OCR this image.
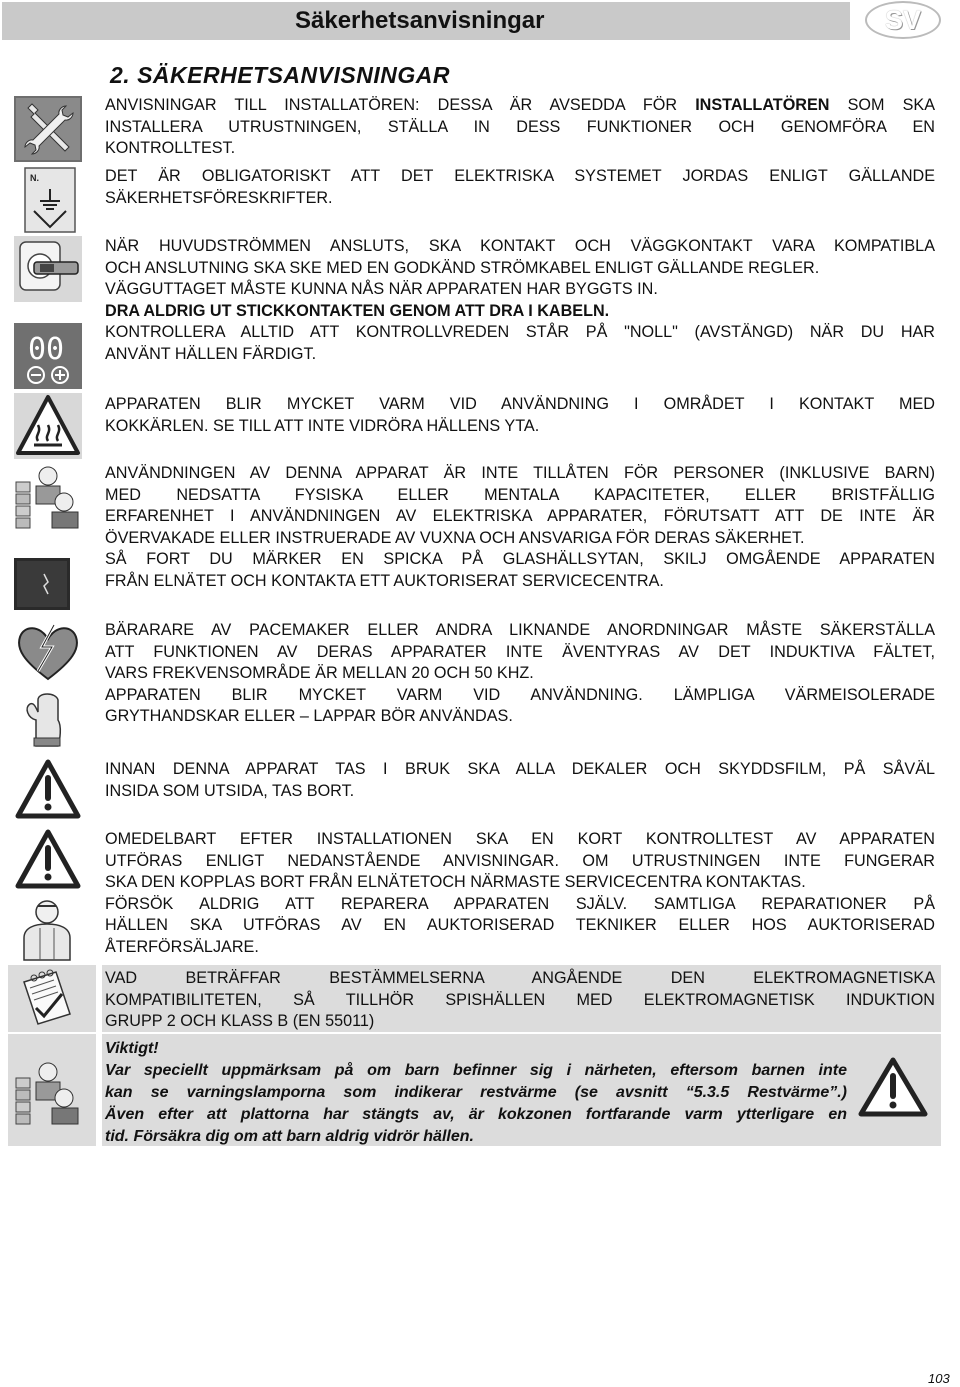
Säkerhetsanvisningar	SV
2. SÄKERHETSANVISNINGAR
N.
00
ANVISNINGAR TILL INSTALLATÖREN: DESSA ÄR AVSEDDA FÖR INSTALLATÖREN SOM SKA
INSTALLERA UTRUSTNINGEN, STÄLLA IN DESS FUNKTIONER OCH GENOMFÖRA EN
KONTROLLTEST.
DET ÄR OBLIGATORISKT ATT DET ELEKTRISKA SYSTEMET JORDAS ENLIGT GÄLLANDE
SÄKERHETSFÖRESKRIFTER.
NÄR HUVUDSTRÖMMEN ANSLUTS, SKA KONTAKT OCH VÄGGKONTAKT VARA KOMPATIBLA
OCH ANSLUTNING SKA SKE MED EN GODKÄND STRÖMKABEL ENLIGT GÄLLANDE REGLER.
VÄGGUTTAGET MÅSTE KUNNA NÅS NÄR APPARATEN HAR BYGGTS IN.
DRA ALDRIG UT STICKKONTAKTEN GENOM ATT DRA I KABELN.
KONTROLLERA ALLTID ATT KONTROLLVREDEN STÅR PÅ "NOLL" (AVSTÄNGD) NÄR DU HAR
ANVÄNT HÄLLEN FÄRDIGT.
APPARATEN BLIR MYCKET VARM VID ANVÄNDNING I OMRÅDET I KONTAKT MED
KOKKÄRLEN. SE TILL ATT INTE VIDRÖRA HÄLLENS YTA.
ANVÄNDNINGEN AV DENNA APPARAT ÄR INTE TILLÅTEN FÖR PERSONER (INKLUSIVE BARN)
MED NEDSATTA FYSISKA ELLER MENTALA KAPACITETER, ELLER BRISTFÄLLIG
ERFARENHET I ANVÄNDNINGEN AV ELEKTRISKA APPARATER, FÖRUTSATT ATT DE INTE ÄR
ÖVERVAKADE ELLER INSTRUERADE AV VUXNA OCH ANSVARIGA FÖR DERAS SÄKERHET.
SÅ FORT DU MÄRKER EN SPICKA PÅ GLASHÄLLSYTAN, SKILJ OMGÅENDE APPARATEN
FRÅN ELNÄTET OCH KONTAKTA ETT AUKTORISERAT SERVICECENTRA.
BÄRARARE AV PACEMAKER ELLER ANDRA LIKNANDE ANORDNINGAR MÅSTE SÄKERSTÄLLA
ATT FUNKTIONEN AV DERAS APPARATER INTE ÄVENTYRAS AV DET INDUKTIVA FÄLTET,
VARS FREKVENSOMRÅDE ÄR MELLAN 20 OCH 50 KHZ.
APPARATEN BLIR MYCKET VARM VID ANVÄNDNING. LÄMPLIGA VÄRMEISOLERADE
GRYTHANDSKAR ELLER – LAPPAR BÖR ANVÄNDAS.
INNAN DENNA APPARAT TAS I BRUK SKA ALLA DEKALER OCH SKYDDSFILM, PÅ SÅVÄL
INSIDA SOM UTSIDA, TAS BORT.
OMEDELBART EFTER INSTALLATIONEN SKA EN KORT KONTROLLTEST AV APPARATEN
UTFÖRAS ENLIGT NEDANSTÅENDE ANVISNINGAR. OM UTRUSTNINGEN INTE FUNGERAR
SKA DEN KOPPLAS BORT FRÅN ELNÄTETOCH NÄRMASTE SERVICECENTRA KONTAKTAS.
FÖRSÖK ALDRIG ATT REPARERA APPARATEN SJÄLV. SAMTLIGA REPARATIONER PÅ
HÄLLEN SKA UTFÖRAS AV EN AUKTORISERAD TEKNIKER ELLER HOS AUKTORISERAD
ÅTERFÖRSÄLJARE.
VAD BETRÄFFAR BESTÄMMELSERNA ANGÅENDE DEN ELEKTROMAGNETISKA
KOMPATIBILITETEN, SÅ TILLHÖR SPISHÄLLEN MED ELEKTROMAGNETISK INDUKTION
GRUPP 2 OCH KLASS B (EN 55011)
Viktigt!
Var speciellt uppmärksam på om barn befinner sig i närheten, eftersom barnen inte
kan se varningslamporna som indikerar restvärme (se avsnitt “5.3.5 Restvärme”.)
Även efter att plattorna har stängts av, är kokzonen fortfarande varm ytterligare en
tid. Försäkra dig om att barn aldrig vidrör hällen.
103
